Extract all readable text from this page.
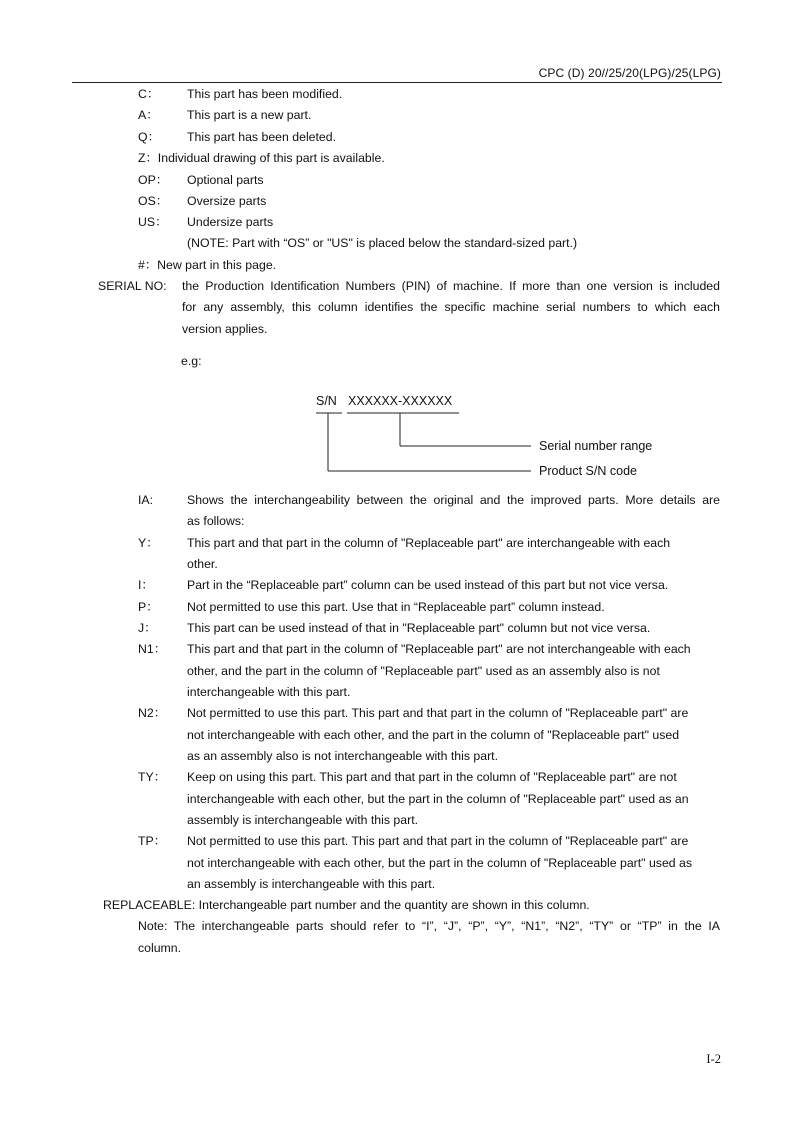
CPC (D) 20//25/20(LPG)/25(LPG)
C： This part has been modified.
A： This part is a new part.
Q： This part has been deleted.
Z：Individual drawing of this part is available.
OP： Optional parts
OS： Oversize parts
US： Undersize parts
(NOTE: Part with “OS” or "US" is placed below the standard-sized part.)
#：New part in this page.
SERIAL NO: the Production Identification Numbers (PIN) of machine. If more than one version is included
for any assembly, this column identifies the specific machine serial numbers to which each
version applies.
e.g:
S/N XXXXXX-XXXXXX
Serial number range
Product S/N code
IA:	Shows the interchangeability between the original and the improved parts. More details are
as follows:
Y： This part and that part in the column of "Replaceable part" are interchangeable with each
other.
I：	Part in the “Replaceable part” column can be used instead of this part but not vice versa.
P： Not permitted to use this part. Use that in “Replaceable part” column instead.
J： This part can be used instead of that in "Replaceable part" column but not vice versa.
N1： This part and that part in the column of "Replaceable part" are not interchangeable with each
other, and the part in the column of "Replaceable part" used as an assembly also is not
interchangeable with this part.
N2： Not permitted to use this part. This part and that part in the column of "Replaceable part" are
not interchangeable with each other, and the part in the column of "Replaceable part" used
as an assembly also is not interchangeable with this part.
TY： Keep on using this part. This part and that part in the column of "Replaceable part" are not
interchangeable with each other, but the part in the column of "Replaceable part" used as an
assembly is interchangeable with this part.
TP： Not permitted to use this part. This part and that part in the column of "Replaceable part" are
not interchangeable with each other, but the part in the column of "Replaceable part" used as
an assembly is interchangeable with this part.
REPLACEABLE: Interchangeable part number and the quantity are shown in this column.
Note: The interchangeable parts should refer to “I”, “J”, “P”, “Y”, “N1”, “N2”, “TY” or “TP” in the IA
column.
I-2
